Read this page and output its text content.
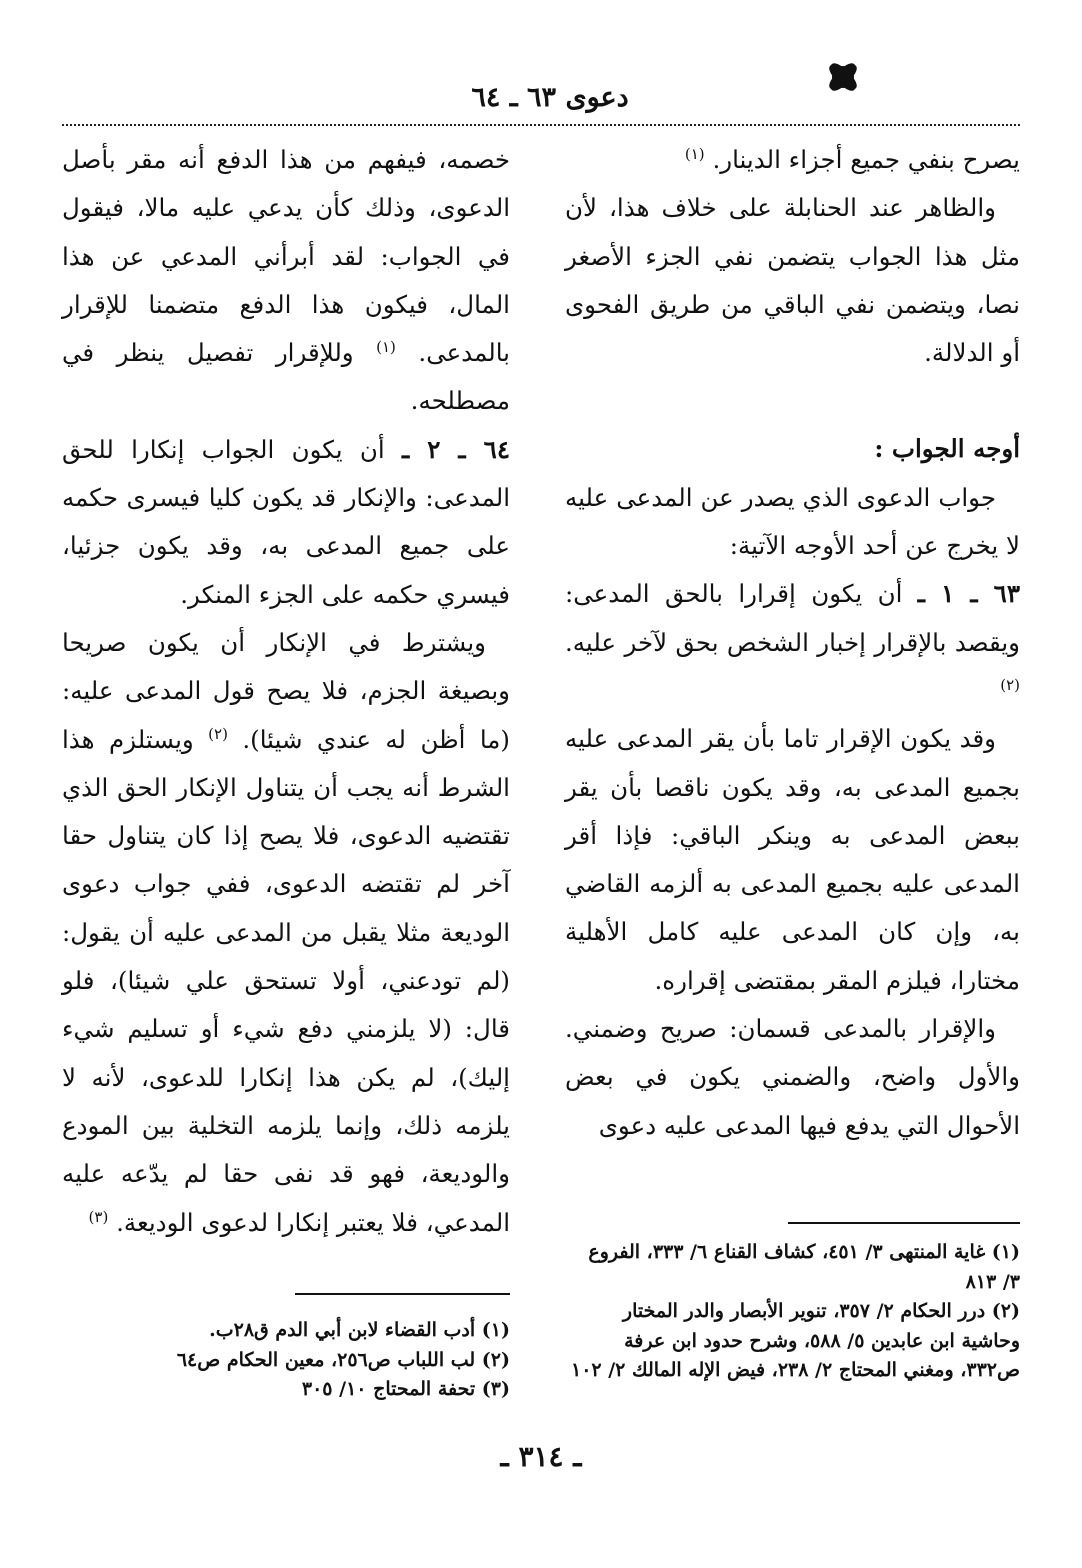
دعوى ٦٣ ـ ٦٤

يصرح بنفي جميع أجزاء الدينار. $^{(١)}$

والظاهر عند الحنابلة على خلاف هذا، لأن مثل هذا الجواب يتضمن نفي الجزء الأصغر نصا، ويتضمن نفي الباقي من طريق الفحوى أو الدلالة.

أوجه الجواب :

جواب الدعوى الذي يصدر عن المدعى عليه لا يخرج عن أحد الأوجه الآتية:

٦٣ ـ ١ ـ أن يكون إقرارا بالحق المدعى: ويقصد بالإقرار إخبار الشخص بحق لآخر عليه. $^{(٢)}$

وقد يكون الإقرار تاما بأن يقر المدعى عليه بجميع المدعى به، وقد يكون ناقصا بأن يقر ببعض المدعى به وينكر الباقي: فإذا أقر المدعى عليه بجميع المدعى به ألزمه القاضي به، وإن كان المدعى عليه كامل الأهلية مختارا، فيلزم المقر بمقتضى إقراره.

والإقرار بالمدعى قسمان: صريح وضمني. والأول واضح، والضمني يكون في بعض الأحوال التي يدفع فيها المدعى عليه دعوى

خصمه، فيفهم من هذا الدفع أنه مقر بأصل الدعوى، وذلك كأن يدعي عليه مالا، فيقول في الجواب: لقد أبرأني المدعي عن هذا المال، فيكون هذا الدفع متضمنا للإقرار بالمدعى. $^{(١)}$ وللإقرار تفصيل ينظر في مصطلحه.

٦٤ ـ ٢ ـ أن يكون الجواب إنكارا للحق المدعى: والإنكار قد يكون كليا فيسرى حكمه على جميع المدعى به، وقد يكون جزئيا، فيسري حكمه على الجزء المنكر.

ويشترط في الإنكار أن يكون صريحا وبصيغة الجزم، فلا يصح قول المدعى عليه: (ما أظن له عندي شيئا). $^{(٢)}$ ويستلزم هذا الشرط أنه يجب أن يتناول الإنكار الحق الذي تقتضيه الدعوى، فلا يصح إذا كان يتناول حقا آخر لم تقتضه الدعوى، ففي جواب دعوى الوديعة مثلا يقبل من المدعى عليه أن يقول: (لم تودعني، أولا تستحق علي شيئا)، فلو قال: (لا يلزمني دفع شيء أو تسليم شيء إليك)، لم يكن هذا إنكارا للدعوى، لأنه لا يلزمه ذلك، وإنما يلزمه التخلية بين المودع والوديعة، فهو قد نفى حقا لم يدّعه عليه المدعي، فلا يعتبر إنكارا لدعوى الوديعة. $^{(٣)}$

(١) غاية المنتهى ٣/ ٤٥١، كشاف القناع ٦/ ٣٣٣، الفروع ٣/ ٨١٣

(٢) درر الحكام ٢/ ٣٥٧، تنوير الأبصار والدر المختار وحاشية ابن عابدين ٥/ ٥٨٨، وشرح حدود ابن عرفة ص٣٣٢، ومغني المحتاج ٢/ ٢٣٨، فيض الإله المالك ٢/ ١٠٢

(١) أدب القضاء لابن أبي الدم ق٢٨ب.

(٢) لب اللباب ص٢٥٦، معين الحكام ص٦٤

(٣) تحفة المحتاج ١٠/ ٣٠٥

ـ ٣١٤ ـ
